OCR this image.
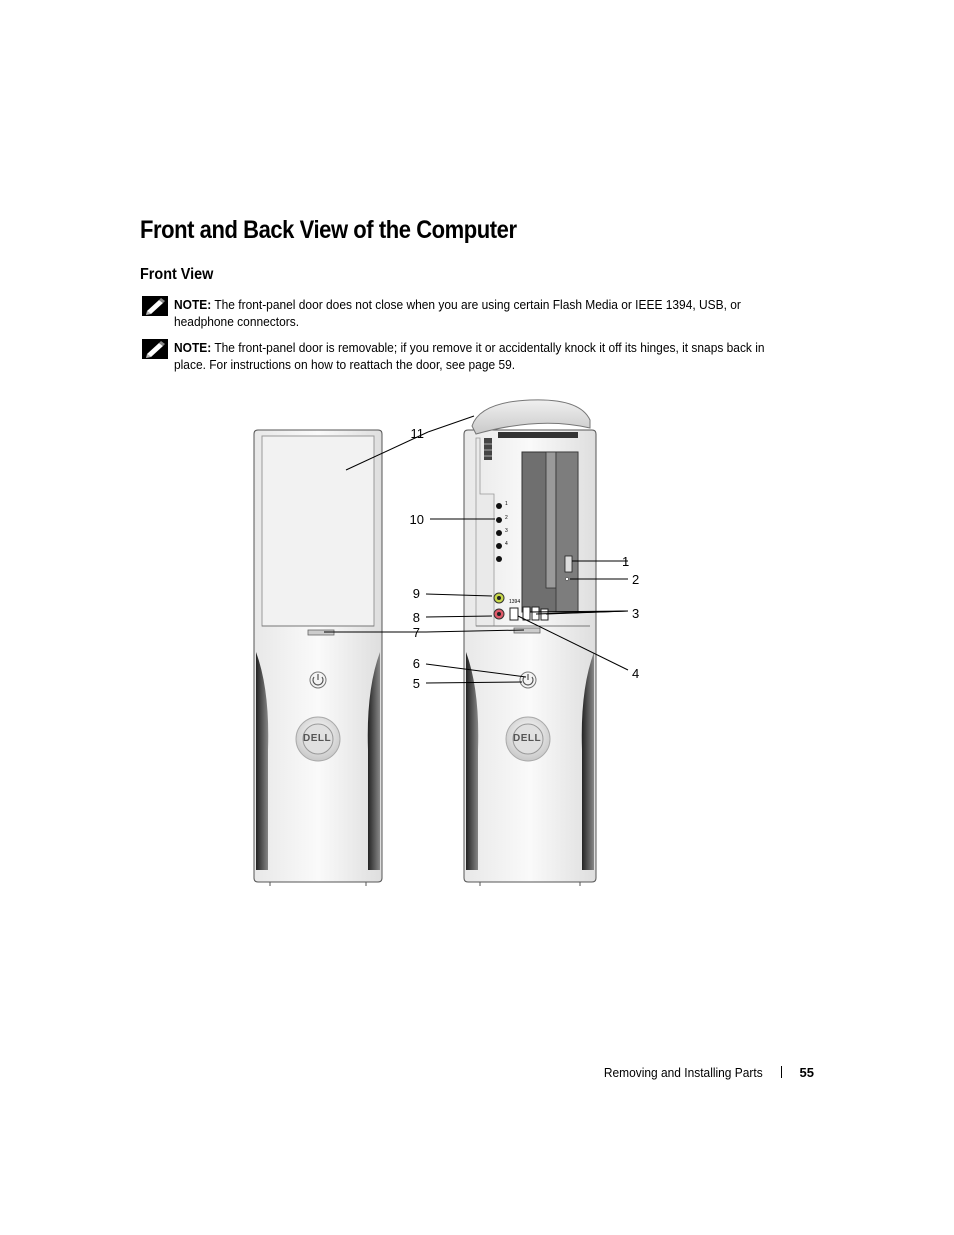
Front and Back View of the Computer
Front View
NOTE: The front-panel door does not close when you are using certain Flash Media or IEEE 1394, USB, or headphone connectors.
NOTE: The front-panel door is removable; if you remove it or accidentally knock it off its hinges, it snaps back in place. For instructions on how to reattach the door, see page 59.
DELL	DELL
1
2
3
4
1394
1
2
3
4
5
6
7
8
9
10
11
Removing and Installing Parts	55
